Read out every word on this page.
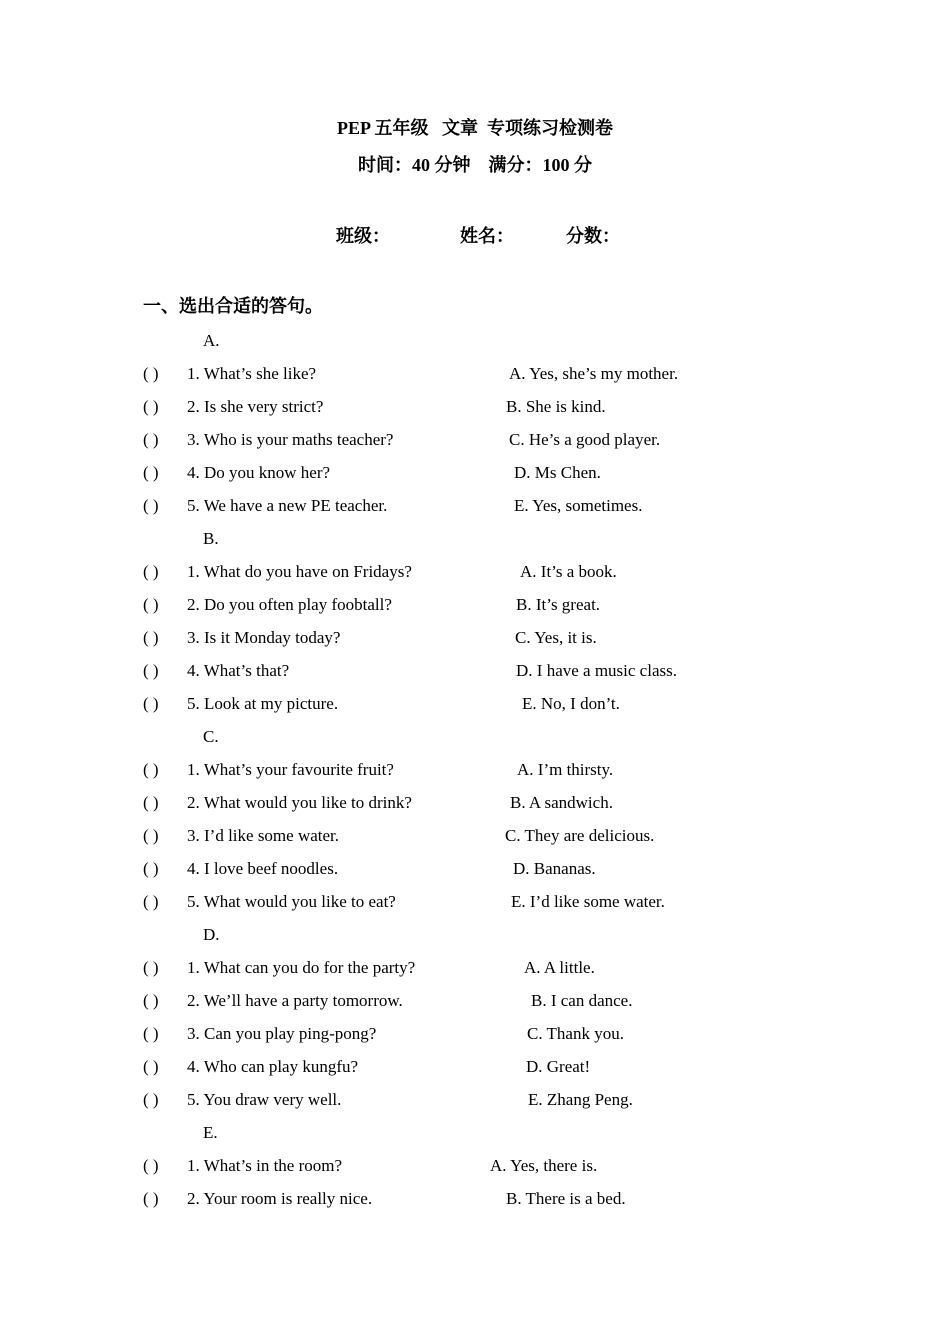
PEP 五年级   文章  专项练习检测卷
时间：40 分钟    满分：100 分
班级：	姓名：	分数：
一、选出合适的答句。
A.
( ) 1. What’s she like?	A. Yes, she’s my mother.
( ) 2. Is she very strict?	B. She is kind.
( ) 3. Who is your maths teacher?	C. He’s a good player.
( ) 4. Do you know her?	D. Ms Chen.
( ) 5. We have a new PE teacher.	E. Yes, sometimes.
B.
( ) 1. What do you have on Fridays?	A. It’s a book.
( ) 2. Do you often play foobtall?	B. It’s great.
( ) 3. Is it Monday today?	C. Yes, it is.
( ) 4. What’s that?	D. I have a music class.
( ) 5. Look at my picture.	E. No, I don’t.
C.
( ) 1. What’s your favourite fruit?	A. I’m thirsty.
( ) 2. What would you like to drink?	B. A sandwich.
( ) 3. I’d like some water.	C. They are delicious.
( ) 4. I love beef noodles.	D. Bananas.
( ) 5. What would you like to eat?	E. I’d like some water.
D.
( ) 1. What can you do for the party?	A. A little.
( ) 2. We’ll have a party tomorrow.	B. I can dance.
( ) 3. Can you play ping-pong?	C. Thank you.
( ) 4. Who can play kungfu?	D. Great!
( ) 5. You draw very well.	E. Zhang Peng.
E.
( ) 1. What’s in the room?	A. Yes, there is.
( ) 2. Your room is really nice.	B. There is a bed.
